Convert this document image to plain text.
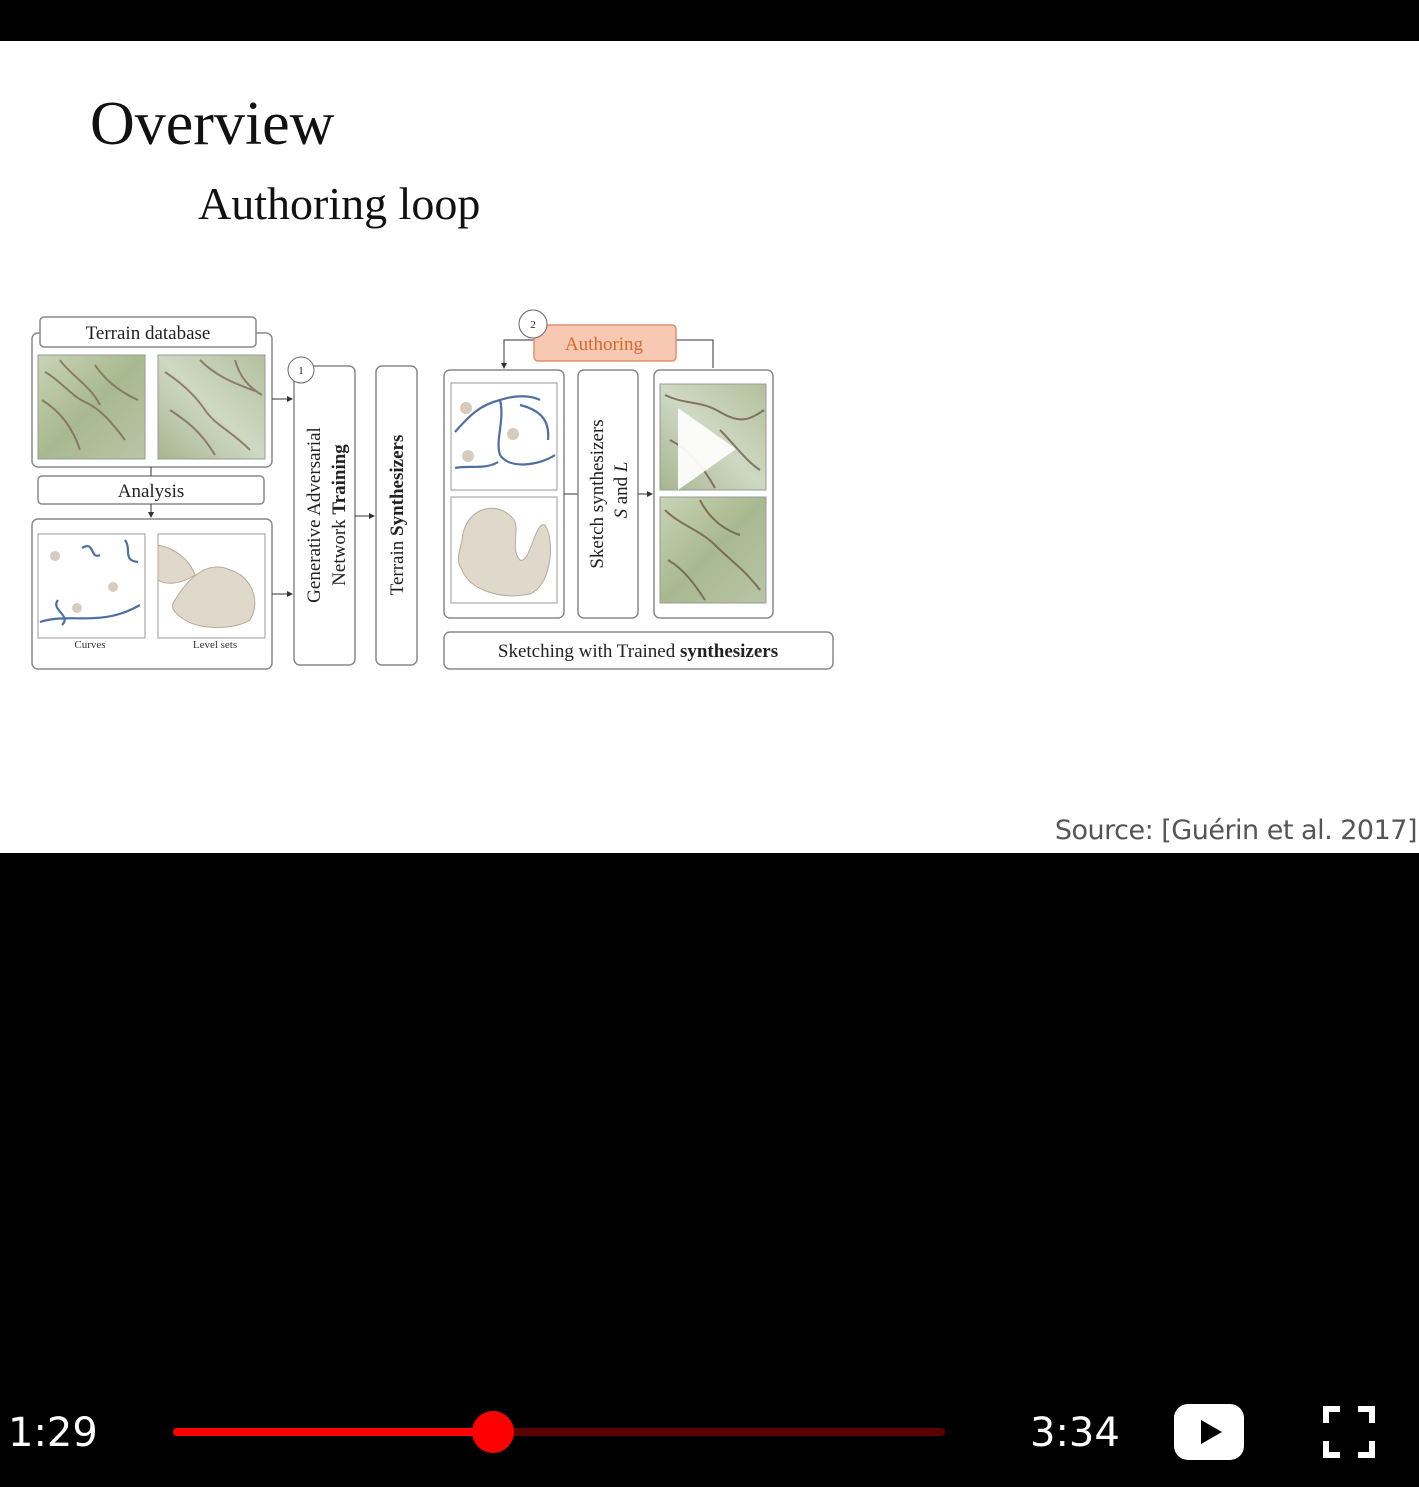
Overview
Authoring loop
Terrain database
Analysis
Curves	Level sets
1
Generative Adversarial Network Training
Terrain Synthesizers
Authoring
2
Sketch synthesizers S and L
Sketching with Trained synthesizers
Source: [Guérin et al. 2017]
1:29	3:34
